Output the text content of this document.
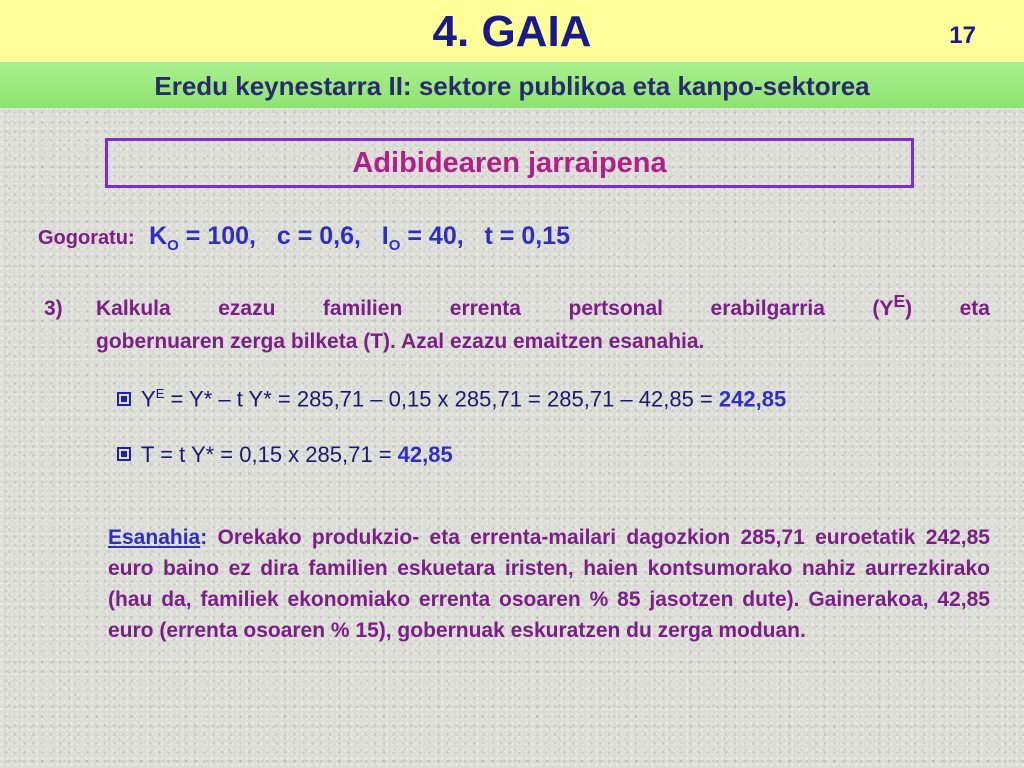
4. GAIA	17
Eredu keynestarra II: sektore publikoa eta kanpo-sektorea
Adibidearen jarraipena
Gogoratu: $K_O = 100$, c = 0,6, $I_O = 40$, t = 0,15
3) Kalkula ezazu familien errenta pertsonal erabilgarria $(Y^E)$ eta
gobernuaren zerga bilketa (T). Azal ezazu emaitzen esanahia.
$Y^E = Y* - t$ Y* = 285,71 – 0,15 x 285,71 = 285,71 – 42,85 = 242,85
T = t Y* = 0,15 x 285,71 = 42,85
Esanahia: Orekako produkzio- eta errenta-mailari dagozkion 285,71 euroetatik 242,85 euro baino ez dira familien eskuetara iristen, haien kontsumorako nahiz aurrezkirako (hau da, familiek ekonomiako errenta osoaren % 85 jasotzen dute). Gainerakoa, 42,85 euro (errenta osoaren % 15), gobernuak eskuratzen du zerga moduan.
